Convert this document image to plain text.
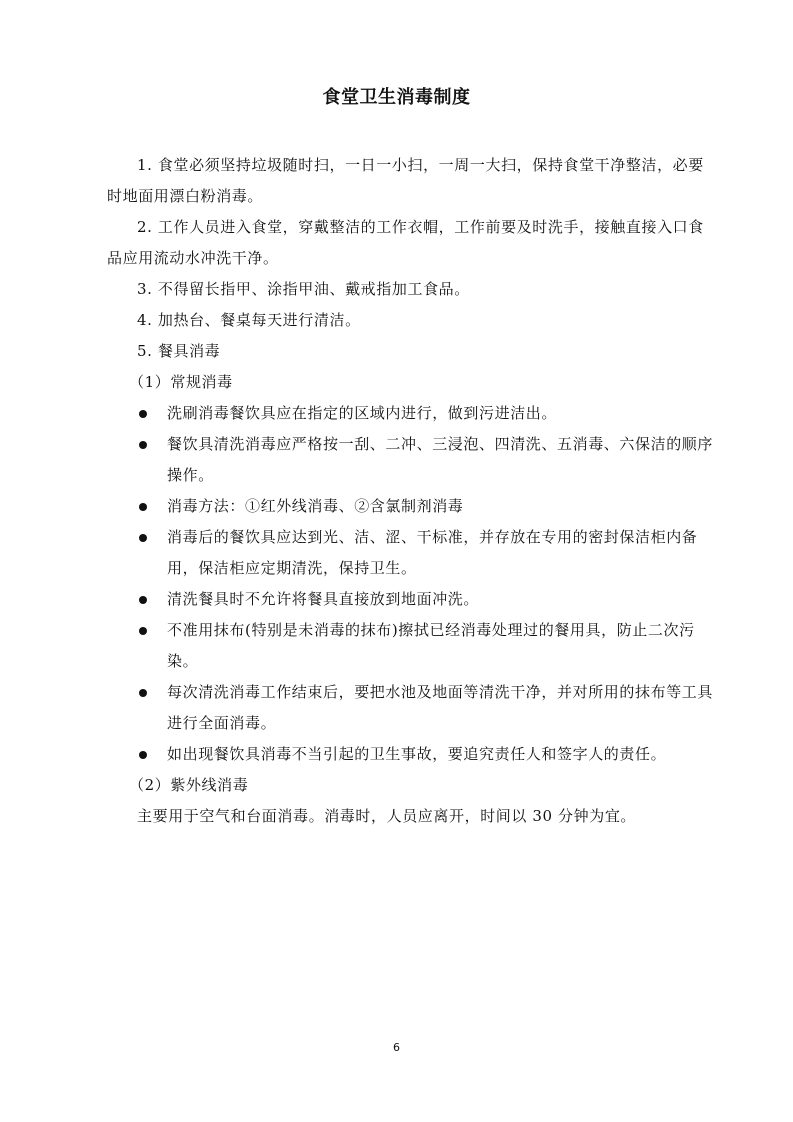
食堂卫生消毒制度

1. 食堂必须坚持垃圾随时扫，一日一小扫，一周一大扫，保持食堂干净整洁，必要时地面用漂白粉消毒。

2. 工作人员进入食堂，穿戴整洁的工作衣帽，工作前要及时洗手，接触直接入口食品应用流动水冲洗干净。

3. 不得留长指甲、涂指甲油、戴戒指加工食品。

4. 加热台、餐桌每天进行清洁。

5. 餐具消毒

（1）常规消毒

洗刷消毒餐饮具应在指定的区域内进行，做到污进洁出。

餐饮具清洗消毒应严格按一刮、二冲、三浸泡、四清洗、五消毒、六保洁的顺序操作。

消毒方法：①红外线消毒、②含氯制剂消毒

消毒后的餐饮具应达到光、洁、涩、干标准，并存放在专用的密封保洁柜内备用，保洁柜应定期清洗，保持卫生。

清洗餐具时不允许将餐具直接放到地面冲洗。

不准用抹布(特别是未消毒的抹布)擦拭已经消毒处理过的餐用具，防止二次污染。

每次清洗消毒工作结束后，要把水池及地面等清洗干净，并对所用的抹布等工具进行全面消毒。

如出现餐饮具消毒不当引起的卫生事故，要追究责任人和签字人的责任。

（2）紫外线消毒

主要用于空气和台面消毒。消毒时，人员应离开，时间以 30 分钟为宜。

6
